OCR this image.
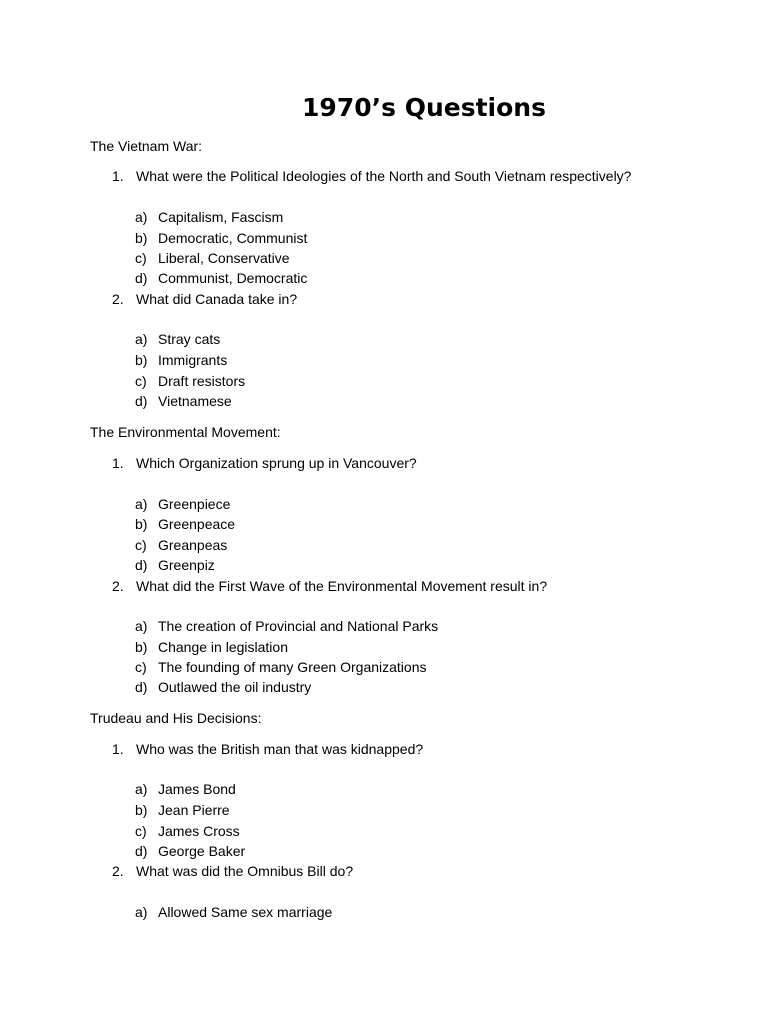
1970’s Questions
The Vietnam War:
1. What were the Political Ideologies of the North and South Vietnam respectively?
a) Capitalism, Fascism
b) Democratic, Communist
c) Liberal, Conservative
d) Communist, Democratic
2. What did Canada take in?
a) Stray cats
b) Immigrants
c) Draft resistors
d) Vietnamese
The Environmental Movement:
1. Which Organization sprung up in Vancouver?
a) Greenpiece
b) Greenpeace
c) Greanpeas
d) Greenpiz
2. What did the First Wave of the Environmental Movement result in?
a) The creation of Provincial and National Parks
b) Change in legislation
c) The founding of many Green Organizations
d) Outlawed the oil industry
Trudeau and His Decisions:
1. Who was the British man that was kidnapped?
a) James Bond
b) Jean Pierre
c) James Cross
d) George Baker
2. What was did the Omnibus Bill do?
a) Allowed Same sex marriage
